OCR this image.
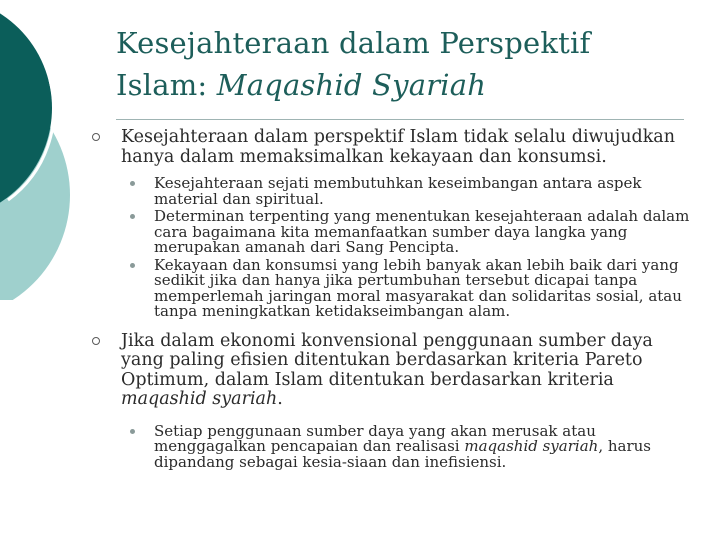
Kesejahteraan dalam Perspektif
Islam: Maqashid Syariah
Kesejahteraan dalam perspektif Islam tidak selalu diwujudkan hanya dalam memaksimalkan kekayaan dan konsumsi.
Kesejahteraan sejati membutuhkan keseimbangan antara aspek material dan spiritual.
Determinan terpenting yang menentukan kesejahteraan adalah dalam cara bagaimana kita memanfaatkan sumber daya langka yang merupakan amanah dari Sang Pencipta.
Kekayaan dan konsumsi yang lebih banyak akan lebih baik dari yang sedikit jika dan hanya jika pertumbuhan tersebut dicapai tanpa memperlemah jaringan moral masyarakat dan solidaritas sosial, atau tanpa meningkatkan ketidakseimbangan alam.
Jika dalam ekonomi konvensional penggunaan sumber daya yang paling efisien ditentukan berdasarkan kriteria Pareto Optimum, dalam Islam ditentukan berdasarkan kriteria maqashid syariah.
Setiap penggunaan sumber daya yang akan merusak atau menggagalkan pencapaian dan realisasi maqashid syariah, harus dipandang sebagai kesia-siaan dan inefisiensi.
